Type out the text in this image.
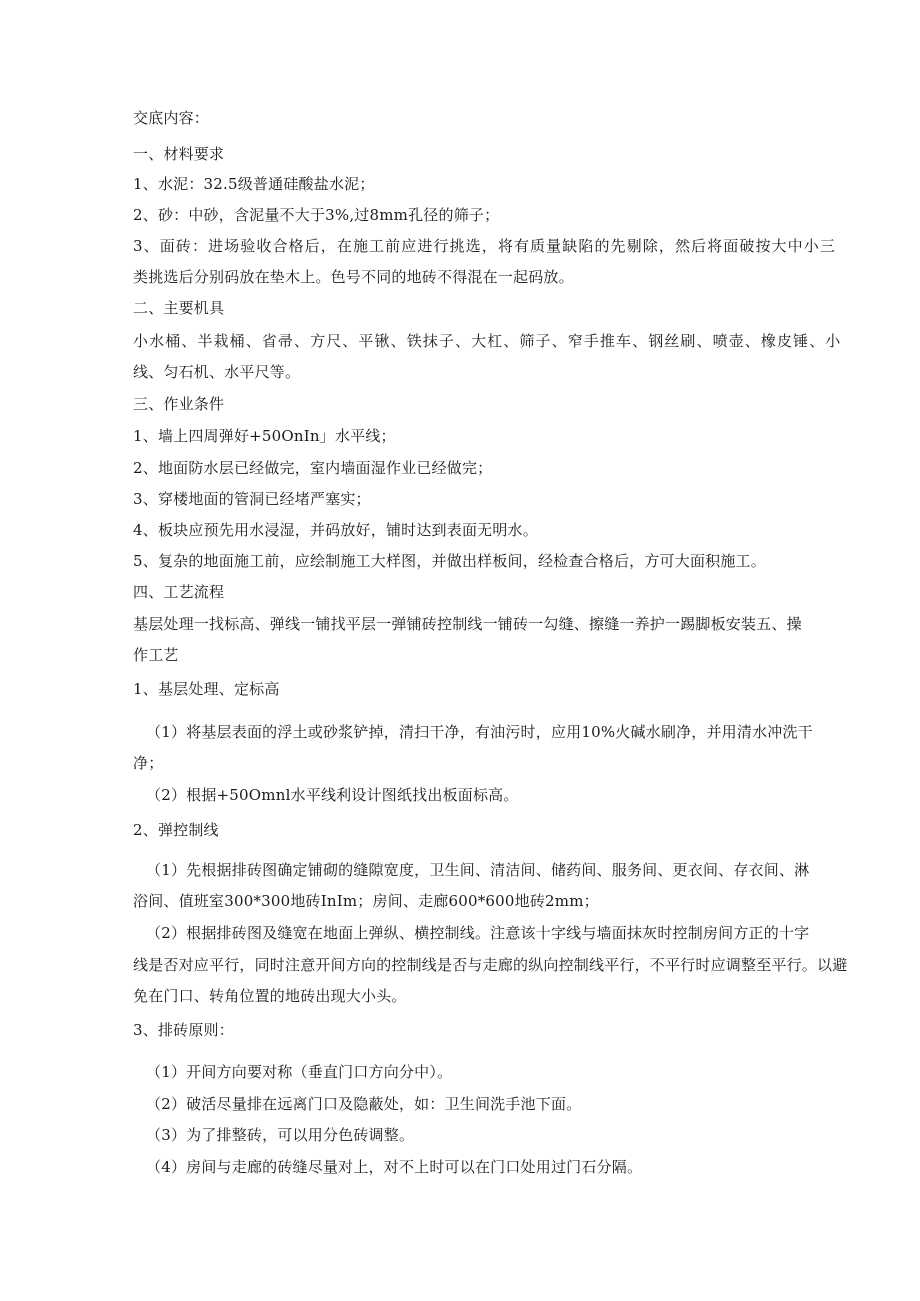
交底内容：
一、材料要求
1、水泥：32.5级普通硅酸盐水泥；
2、砂：中砂，含泥量不大于3%,过8mm孔径的筛子；
3、面砖：进场验收合格后，在施工前应进行挑选，将有质量缺陷的先剔除，然后将面破按大中小三
类挑选后分别码放在垫木上。色号不同的地砖不得混在一起码放。
二、主要机具
小水桶、半栽桶、省帚、方尺、平锹、铁抹子、大杠、筛子、窄手推车、钢丝刷、喷壶、橡皮锤、小
线、匀石机、水平尺等。
三、作业条件
1、墙上四周弹好+50OnIn」水平线；
2、地面防水层已经做完，室内墙面湿作业已经做完；
3、穿楼地面的管洞已经堵严塞实；
4、板块应预先用水浸湿，并码放好，铺时达到表面无明水。
5、复杂的地面施工前，应绘制施工大样图，并做出样板间，经检查合格后，方可大面积施工。
四、工艺流程
基层处理一找标高、弹线一铺找平层一弹铺砖控制线一铺砖一勾缝、擦缝一养护一踢脚板安装五、操
作工艺
1、基层处理、定标高
（1）将基层表面的浮土或砂浆铲掉，清扫干净，有油污时，应用10%火碱水刷净，并用清水冲洗干
净；
（2）根据+50Omnl水平线利设计图纸找出板面标高。
2、弹控制线
（1）先根据排砖图确定铺砌的缝隙宽度，卫生间、清洁间、储药间、服务间、更衣间、存衣间、淋
浴间、值班室300*300地砖InIm；房间、走廊600*600地砖2mm；
（2）根据排砖图及缝宽在地面上弹纵、横控制线。注意该十字线与墙面抹灰时控制房间方正的十字
线是否对应平行，同时注意开间方向的控制线是否与走廊的纵向控制线平行，不平行时应调整至平行。以避
免在门口、转角位置的地砖出现大小头。
3、排砖原则：
（1）开间方向要对称（垂直门口方向分中）。
（2）破活尽量排在远离门口及隐蔽处，如：卫生间洗手池下面。
（3）为了排整砖，可以用分色砖调整。
（4）房间与走廊的砖缝尽量对上，对不上时可以在门口处用过门石分隔。
